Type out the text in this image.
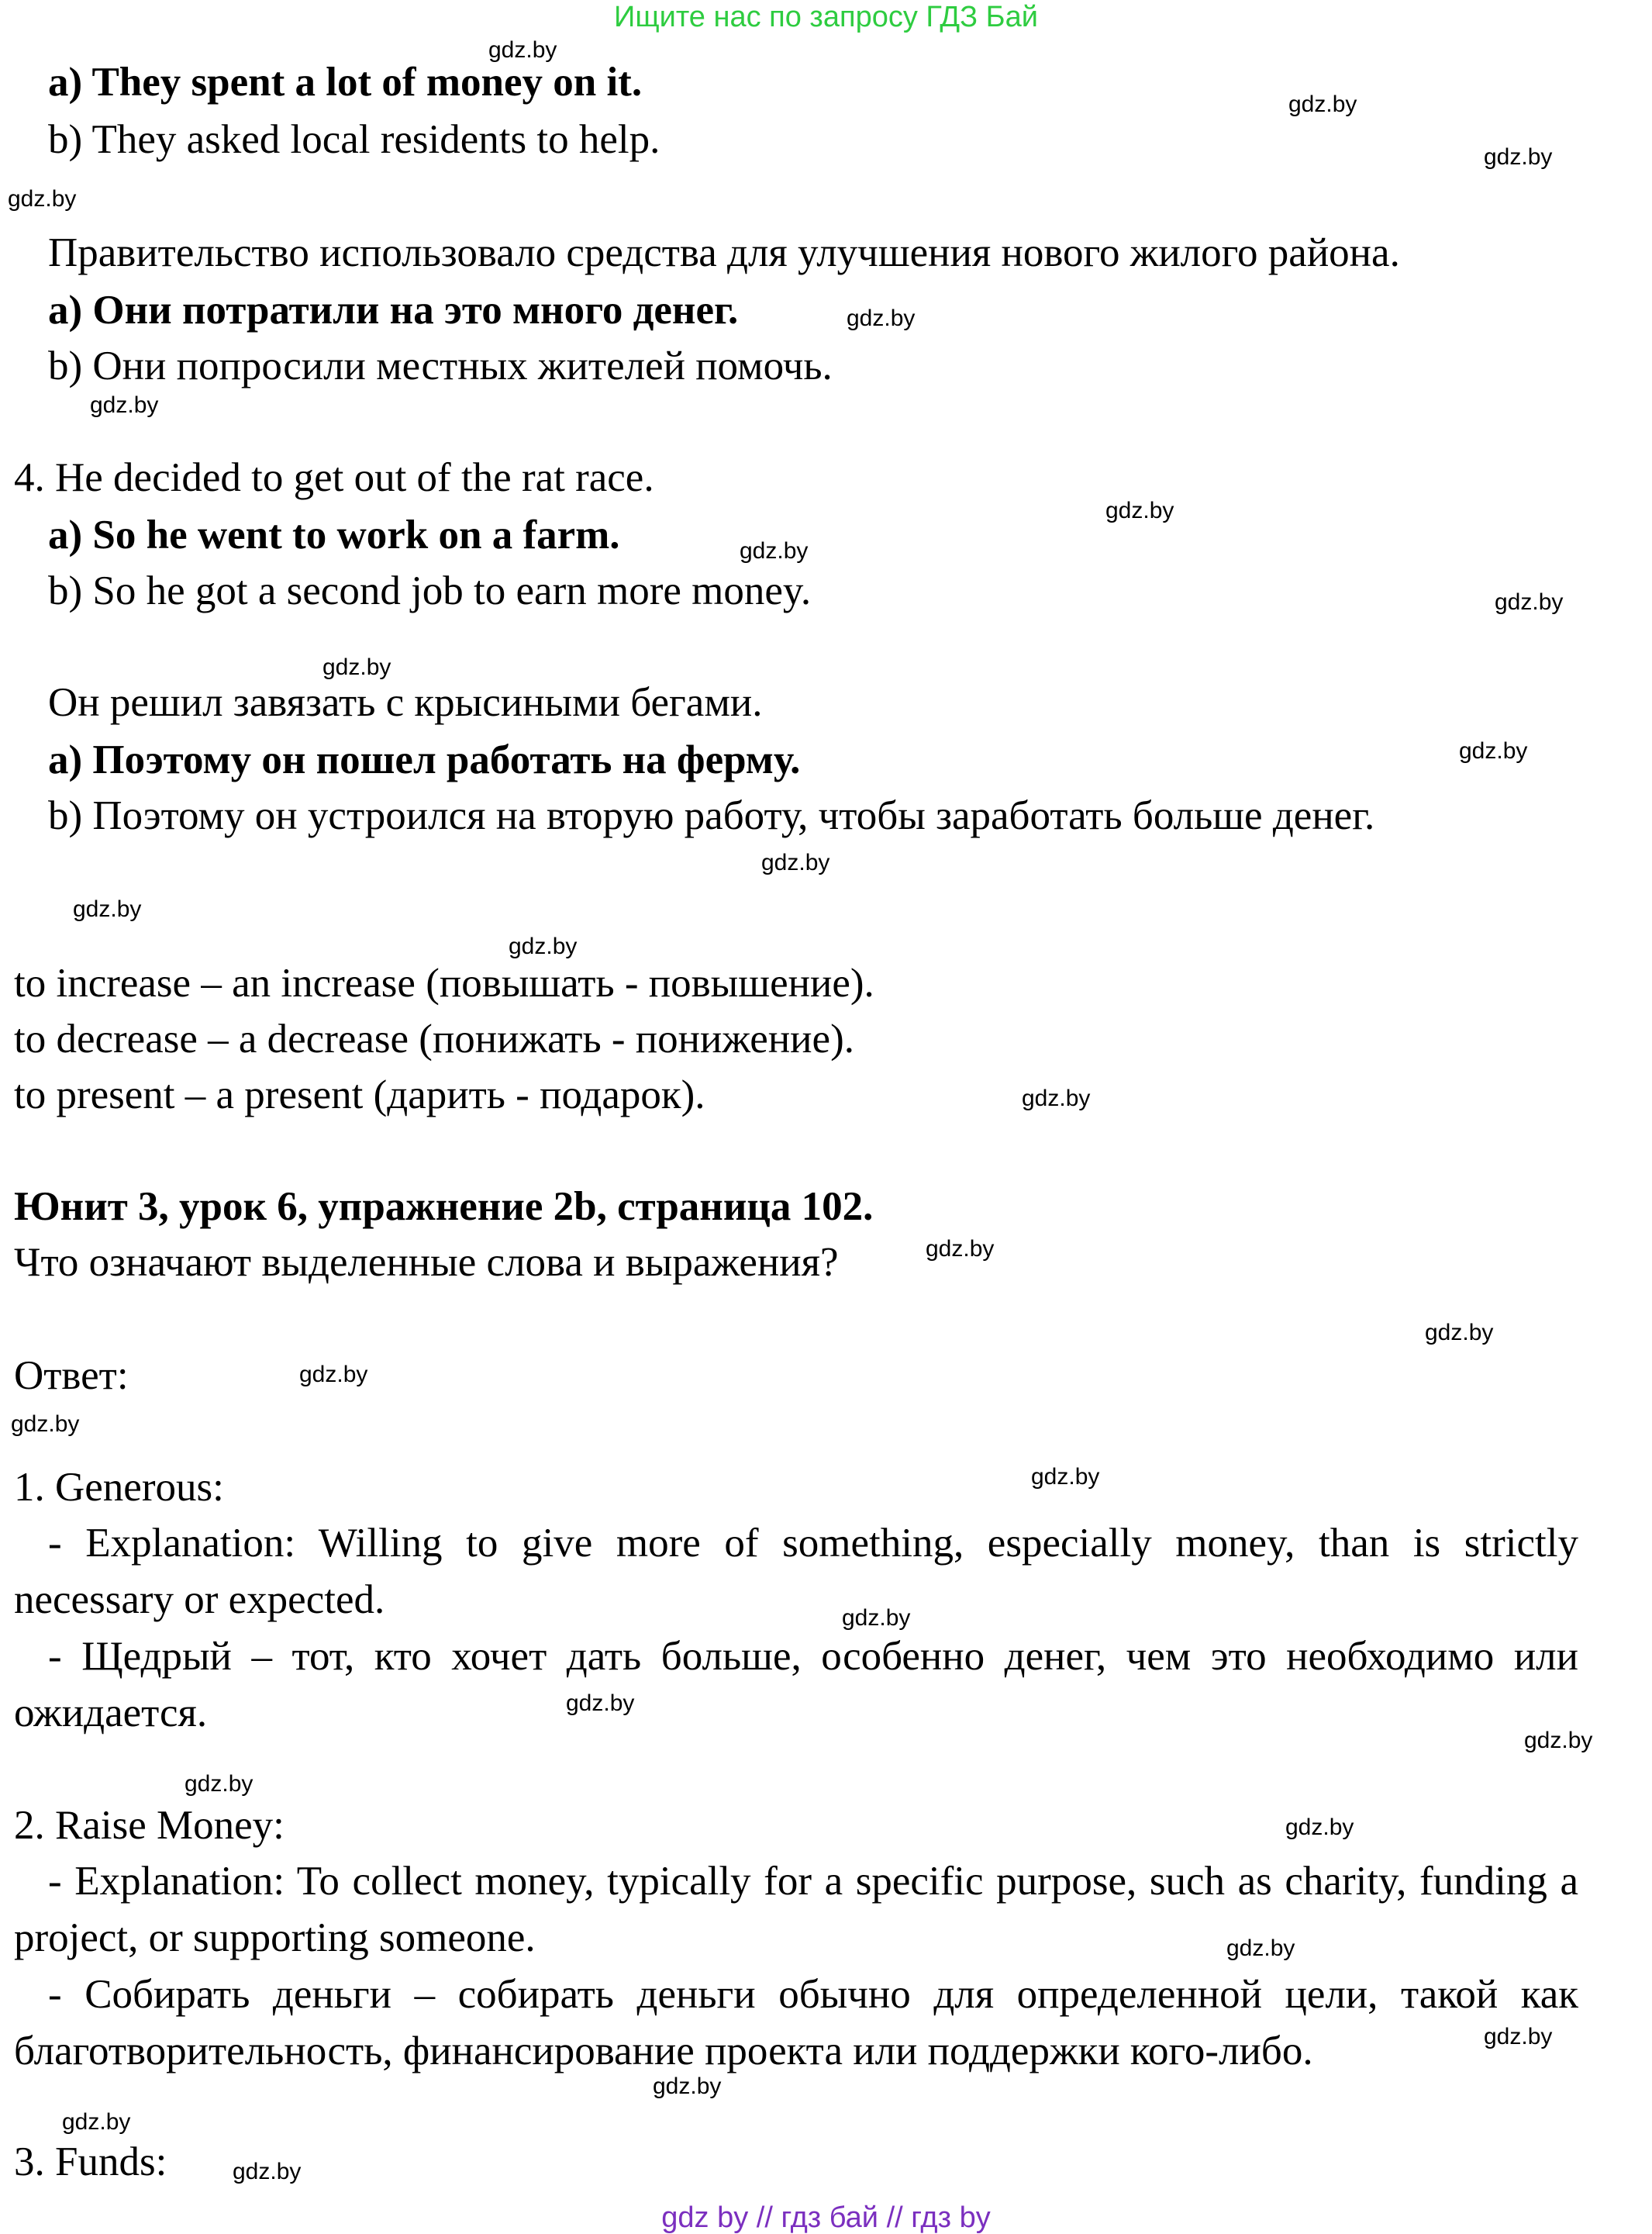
Ищите нас по запросу ГДЗ Бай
a) They spent a lot of money on it.
b) They asked local residents to help.
Правительство использовало средства для улучшения нового жилого района.
a) Они потратили на это много денег.
b) Они попросили местных жителей помочь.
4. He decided to get out of the rat race.
a) So he went to work on a farm.
b) So he got a second job to earn more money.
Он решил завязать с крысиными бегами.
a) Поэтому он пошел работать на ферму.
b) Поэтому он устроился на вторую работу, чтобы заработать больше денег.
to increase – an increase (повышать - повышение).
to decrease – a decrease (понижать - понижение).
to present – a present (дарить - подарок).
Юнит 3, урок 6, упражнение 2b, страница 102.
Что означают выделенные слова и выражения?
Ответ:
1. Generous:
- Explanation: Willing to give more of something, especially money, than is strictly necessary or expected.
- Щедрый – тот, кто хочет дать больше, особенно денег, чем это необходимо или ожидается.
2. Raise Money:
- Explanation: To collect money, typically for a specific purpose, such as charity, funding a project, or supporting someone.
- Собирать деньги – собирать деньги обычно для определенной цели, такой как благотворительность, финансирование проекта или поддержки кого-либо.
3. Funds:
gdz.by
gdz.by
gdz.by
gdz.by
gdz.by
gdz.by
gdz.by
gdz.by
gdz.by
gdz.by
gdz.by
gdz.by
gdz.by
gdz.by
gdz.by
gdz.by
gdz.by
gdz.by
gdz.by
gdz.by
gdz.by
gdz.by
gdz.by
gdz.by
gdz.by
gdz.by
gdz.by
gdz.by
gdz.by
gdz.by
gdz by // гдз бай // гдз by
